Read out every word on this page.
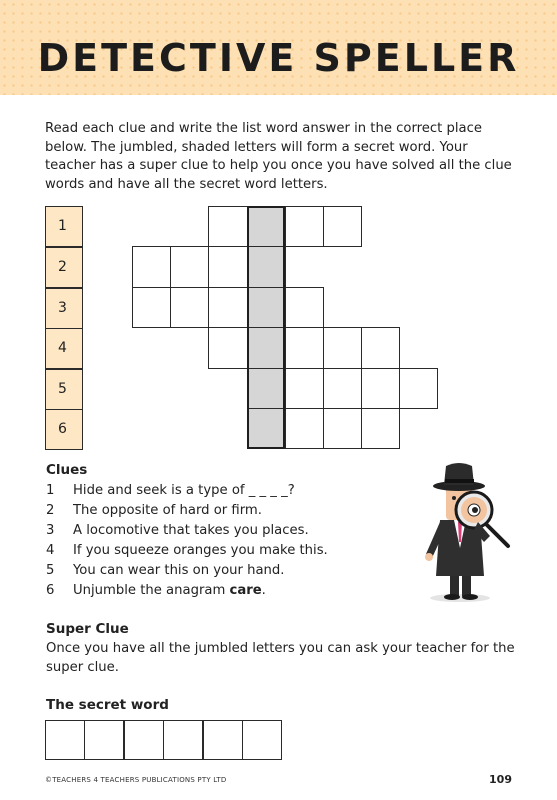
DETECTIVE SPELLER
Read each clue and write the list word answer in the correct place below. The jumbled, shaded letters will form a secret word. Your teacher has a super clue to help you once you have solved all the clue words and have all the secret word letters.
1
2
3
4
5
6
Clues
1 Hide and seek is a type of _ _ _ _?
2 The opposite of hard or firm.
3 A locomotive that takes you places.
4 If you squeeze oranges you make this.
5 You can wear this on your hand.
6 Unjumble the anagram care.
Super Clue
Once you have all the jumbled letters you can ask your teacher for the super clue.
The secret word
©TEACHERS 4 TEACHERS PUBLICATIONS PTY LTD	109
